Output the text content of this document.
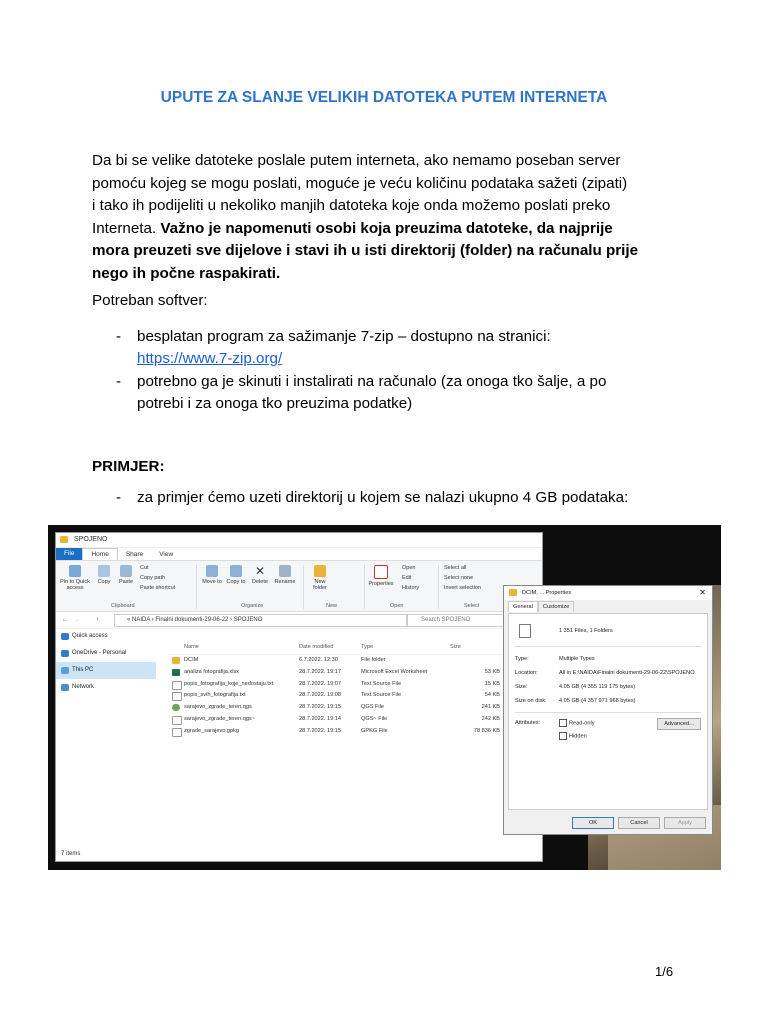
UPUTE ZA SLANJE VELIKIH DATOTEKA PUTEM INTERNETA
Da bi se velike datoteke poslale putem interneta, ako nemamo poseban server
pomoću kojeg se mogu poslati, moguće je veću količinu podataka sažeti (zipati)
i tako ih podijeliti u nekoliko manjih datoteka koje onda možemo poslati preko
Interneta. Važno je napomenuti osobi koja preuzima datoteke, da najprije
mora preuzeti sve dijelove i stavi ih u isti direktorij (folder) na računalu prije
nego ih počne raspakirati.
Potreban softver:
- besplatan program za sažimanje 7-zip – dostupno na stranici:
https://www.7-zip.org/
- potrebno ga je skinuti i instalirati na računalo (za onoga tko šalje, a po
potrebi i za onoga tko preuzima podatke)
PRIMJER:
- za primjer ćemo uzeti direktorij u kojem se nalazi ukupno 4 GB podataka:
SPOJENO
File	Home	Share	View
Pin to Quick access
Copy	Paste
Cut
Copy path
Paste shortcut
Clipboard
Move to Copy to
✕
Delete	Rename
Organize
New folder
New
Properties
Open
Edit
History
Open
Select all
Select none
Invert selection
Select
← →	↑	« NAIDA › Finalni dokumenti-29-06-22 › SPOJENO	Search SPOJENO
Quick access
OneDrive - Personal
This PC
Network
Name	Date modified	Type	Size
DCIM	6.7.2022. 12:30	File folder
analiza fotografija.xlsx	28.7.2022. 19:17	Microsoft Excel Worksheet	53 KB
popis_fotografija_koje_nedostaju.txt	28.7.2022. 19:07	Text Source File	15 KB
popis_svih_fotografija.txt	28.7.2022. 19:08	Text Source File	54 KB
sarajevo_zgrade_teren.qgs	28.7.2022. 19:15	QGS File	241 KB
sarajevo_zgrade_teren.qgs~	28.7.2022. 19:14	QGS~ File	242 KB
zgrade_sarajevo.gpkg	28.7.2022. 19:15	GPKG File	78 836 KB
7 items
DCIM, ... Properties	✕
General	Customize
1 351 Files, 1 Folders
Type:	Multiple Types
Location:	All in E:\NAIDA\Finalni dokumenti-29-06-22\SPOJENO
Size:	4.05 GB (4 355 119 175 bytes)
Size on disk: 4.05 GB (4 357 971 968 bytes)
Attributes:	Read-only
Hidden
Advanced...
OK	Cancel	Apply
1/6
